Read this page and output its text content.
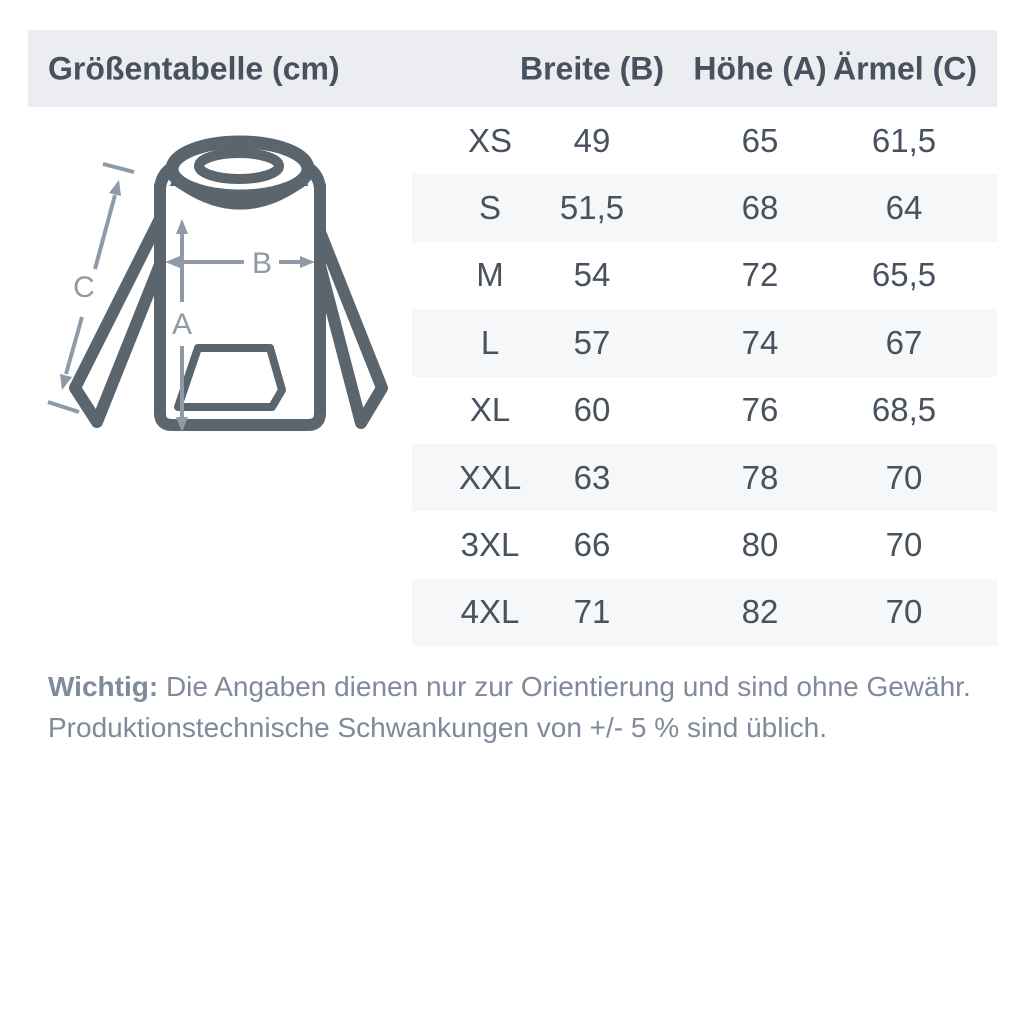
Größentabelle (cm)	Breite (B) Höhe (A) Ärmel (C)
A
B
C
XS 49	65	61,5
S 51,5	68	64
M 54	72	65,5
L 57	74	67
XL 60	76	68,5
XXL 63	78	70
3XL 66	80	70
4XL 71	82	70
Wichtig: Die Angaben dienen nur zur Orientierung und sind ohne Gewähr.
Produktionstechnische Schwankungen von +/- 5 % sind üblich.
